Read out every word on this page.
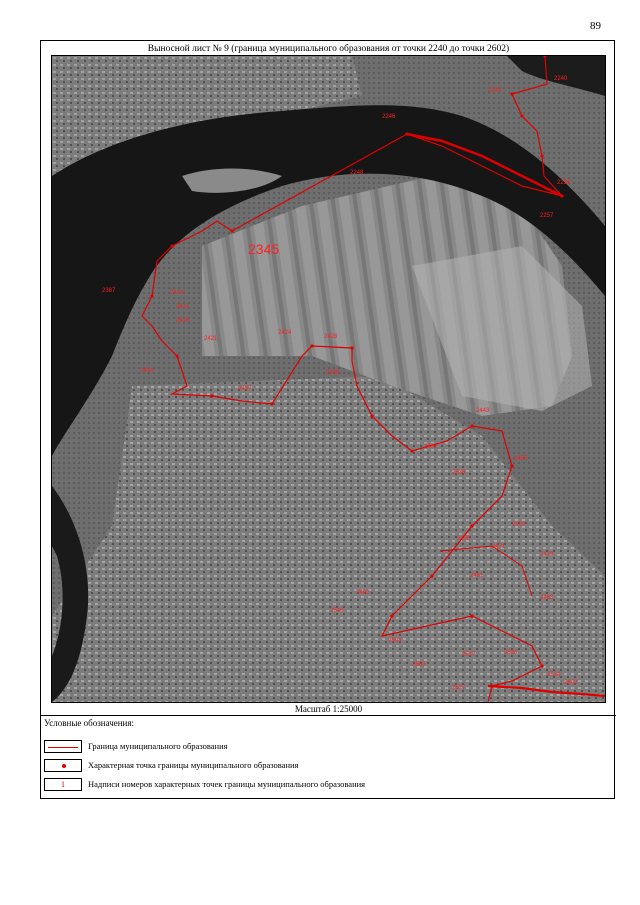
89
Выносной лист № 9 (граница муниципального образования от точки 2240 до точки 2602)
2240
2243
2246
2248
2253
2257
2387	2410
2411
2415
2421
2424
2428
2434
2437
2439
2443
2452
2455
2471
2476
2479
2481
2488
2492
2503
2517	2520
2524
2527
2530
2536
2546
2580
2602
2345
Масштаб 1:25000
Условные обозначения:
Граница муниципального образования
Характерная точка границы муниципального образования
1	Надписи номеров характерных точек границы муниципального образования
